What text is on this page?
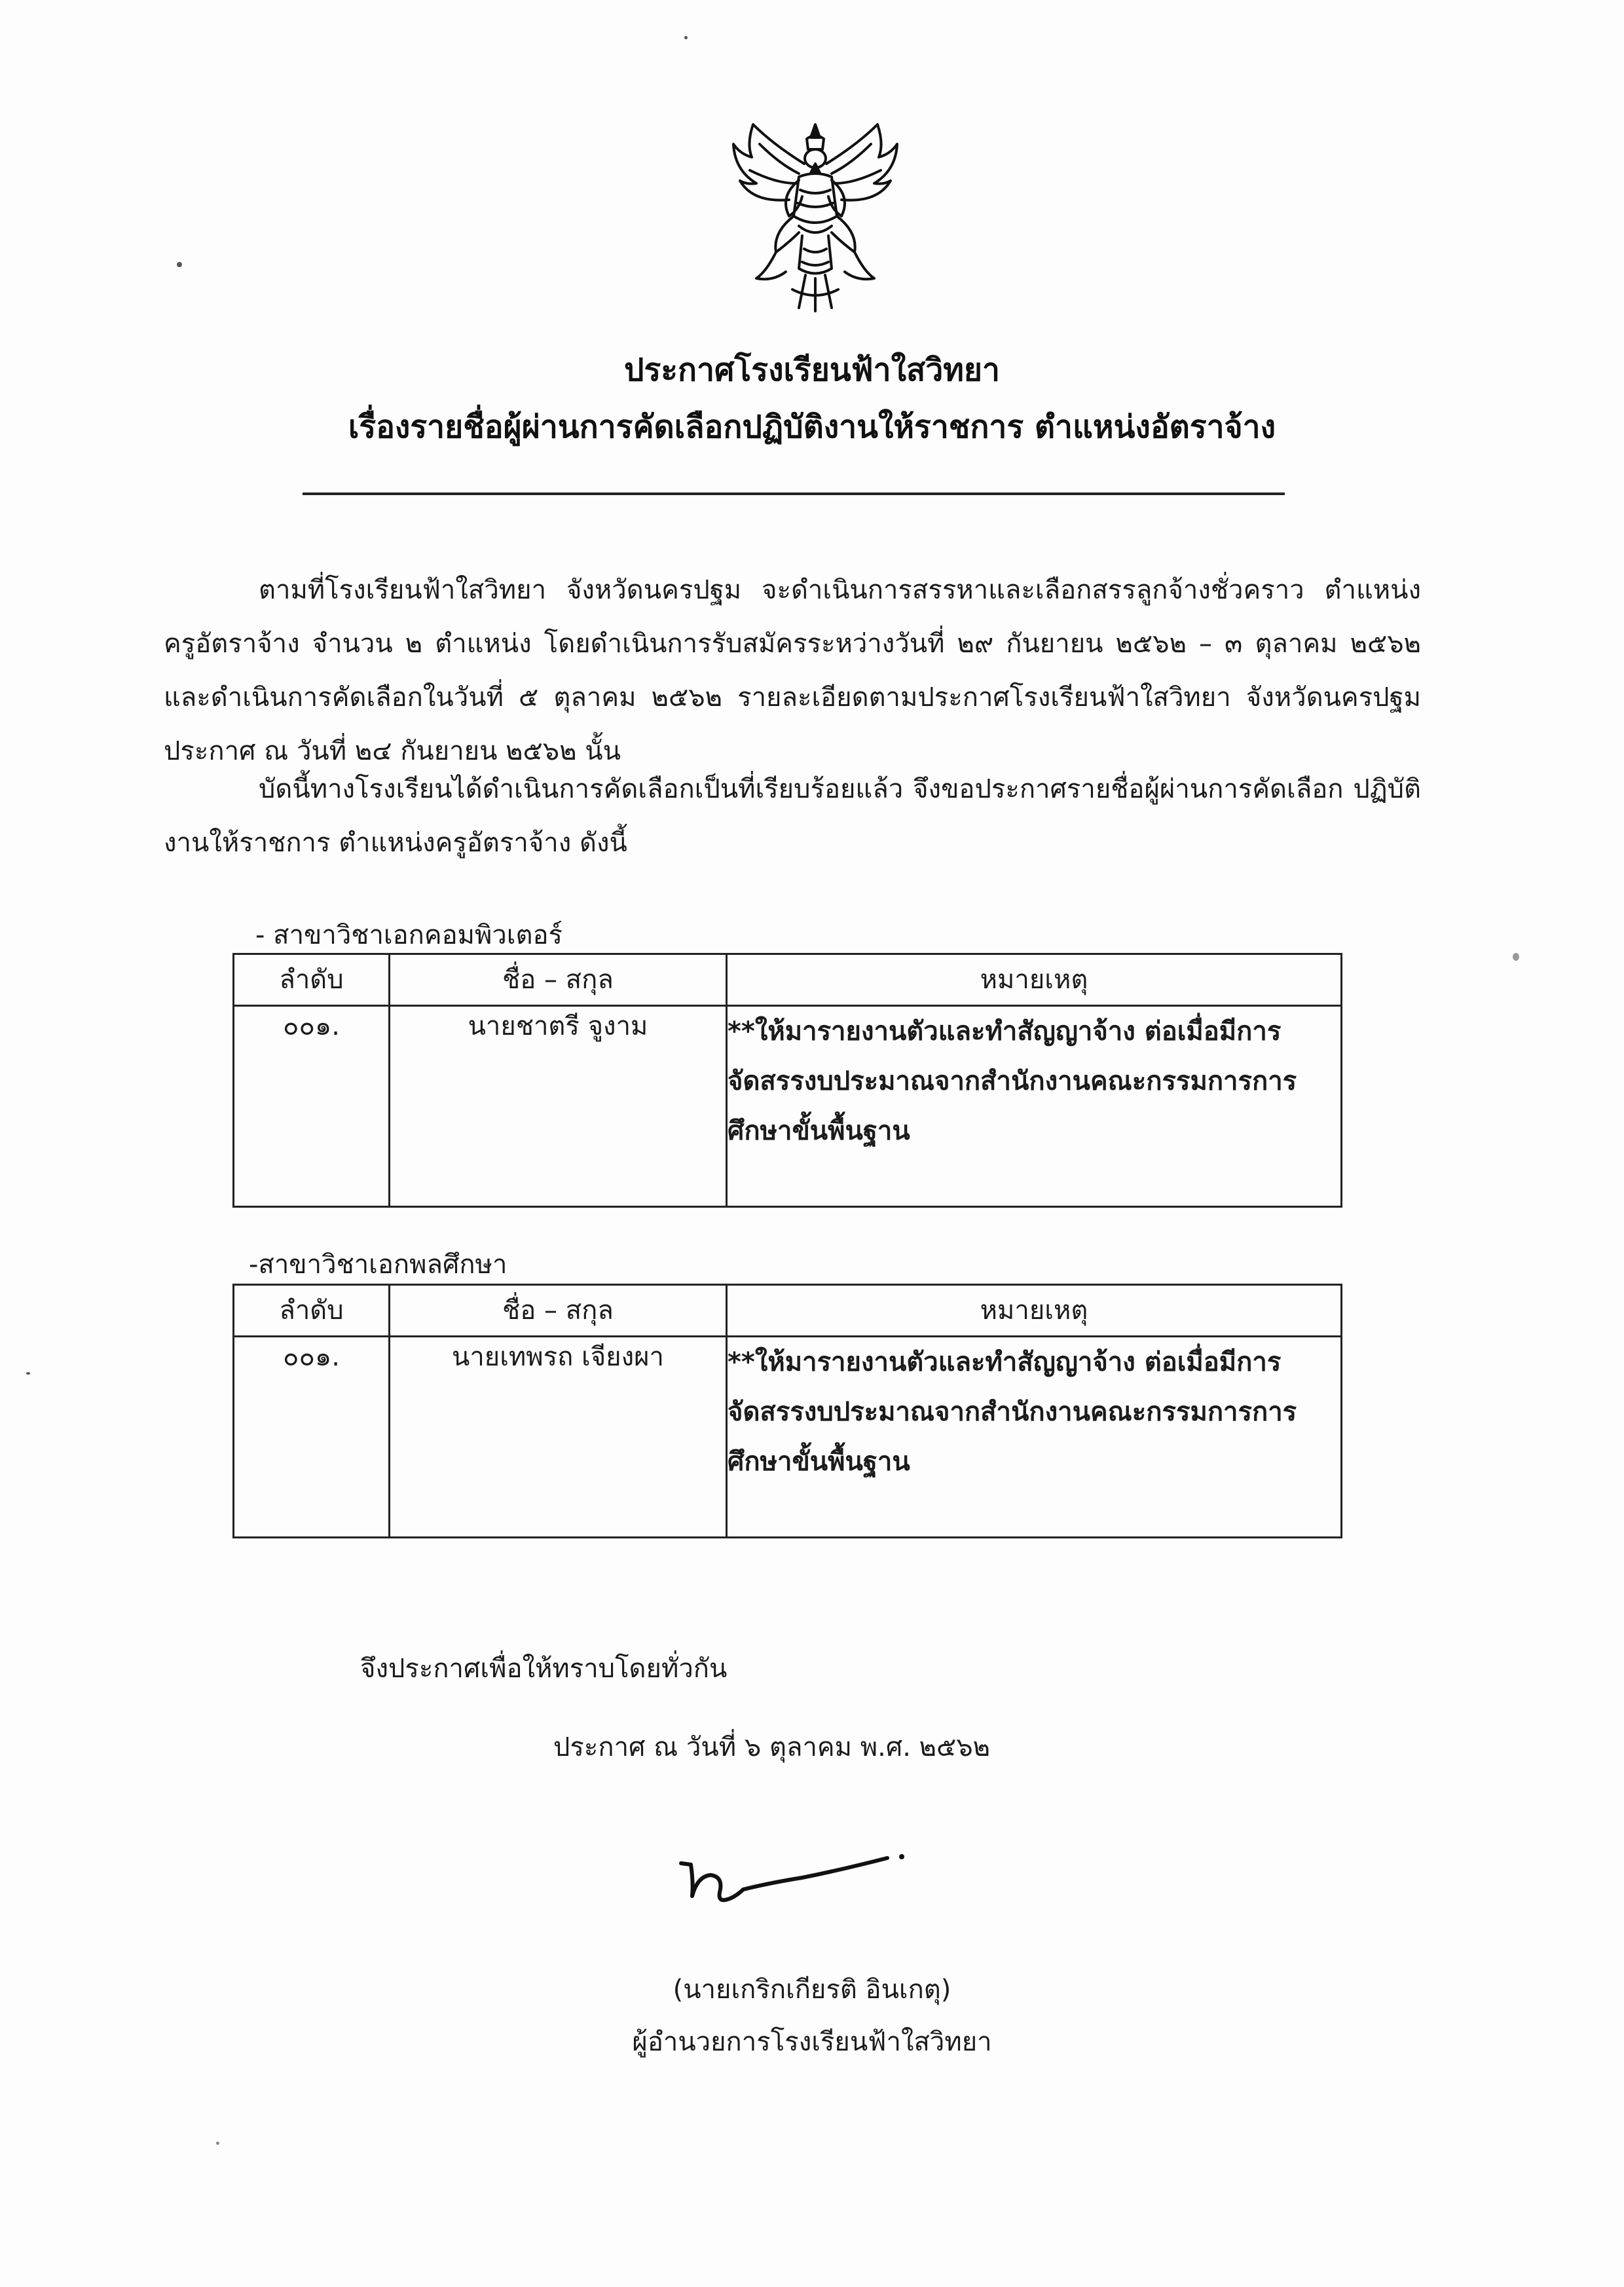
ประกาศโรงเรียนฟ้าใสวิทยา
เรื่องรายชื่อผู้ผ่านการคัดเลือกปฏิบัติงานให้ราชการ ตำแหน่งอัตราจ้าง
ตามที่โรงเรียนฟ้าใสวิทยา จังหวัดนครปฐม จะดำเนินการสรรหาและเลือกสรรลูกจ้างชั่วคราว ตำแหน่ง ครูอัตราจ้าง จำนวน ๒ ตำแหน่ง โดยดำเนินการรับสมัครระหว่างวันที่ ๒๙ กันยายน ๒๕๖๒ – ๓ ตุลาคม ๒๕๖๒ และดำเนินการคัดเลือกในวันที่ ๕ ตุลาคม ๒๕๖๒ รายละเอียดตามประกาศโรงเรียนฟ้าใสวิทยา จังหวัดนครปฐม ประกาศ ณ วันที่ ๒๔ กันยายน ๒๕๖๒ นั้น
บัดนี้ทางโรงเรียนได้ดำเนินการคัดเลือกเป็นที่เรียบร้อยแล้ว จึงขอประกาศรายชื่อผู้ผ่านการคัดเลือก ปฏิบัติงานให้ราชการ ตำแหน่งครูอัตราจ้าง ดังนี้
- สาขาวิชาเอกคอมพิวเตอร์
ลำดับ	ชื่อ – สกุล	หมายเหตุ
๐๐๑.	นายชาตรี จูงาม	**ให้มารายงานตัวและทำสัญญาจ้าง ต่อเมื่อมีการจัดสรรงบประมาณจากสำนักงานคณะกรรมการการศึกษาขั้นพื้นฐาน
-สาขาวิชาเอกพลศึกษา
ลำดับ	ชื่อ – สกุล	หมายเหตุ
๐๐๑.	นายเทพรถ เจียงผา	**ให้มารายงานตัวและทำสัญญาจ้าง ต่อเมื่อมีการจัดสรรงบประมาณจากสำนักงานคณะกรรมการการศึกษาขั้นพื้นฐาน
จึงประกาศเพื่อให้ทราบโดยทั่วกัน
ประกาศ ณ วันที่ ๖ ตุลาคม พ.ศ. ๒๕๖๒
(นายเกริกเกียรติ อินเกตุ)
ผู้อำนวยการโรงเรียนฟ้าใสวิทยา
